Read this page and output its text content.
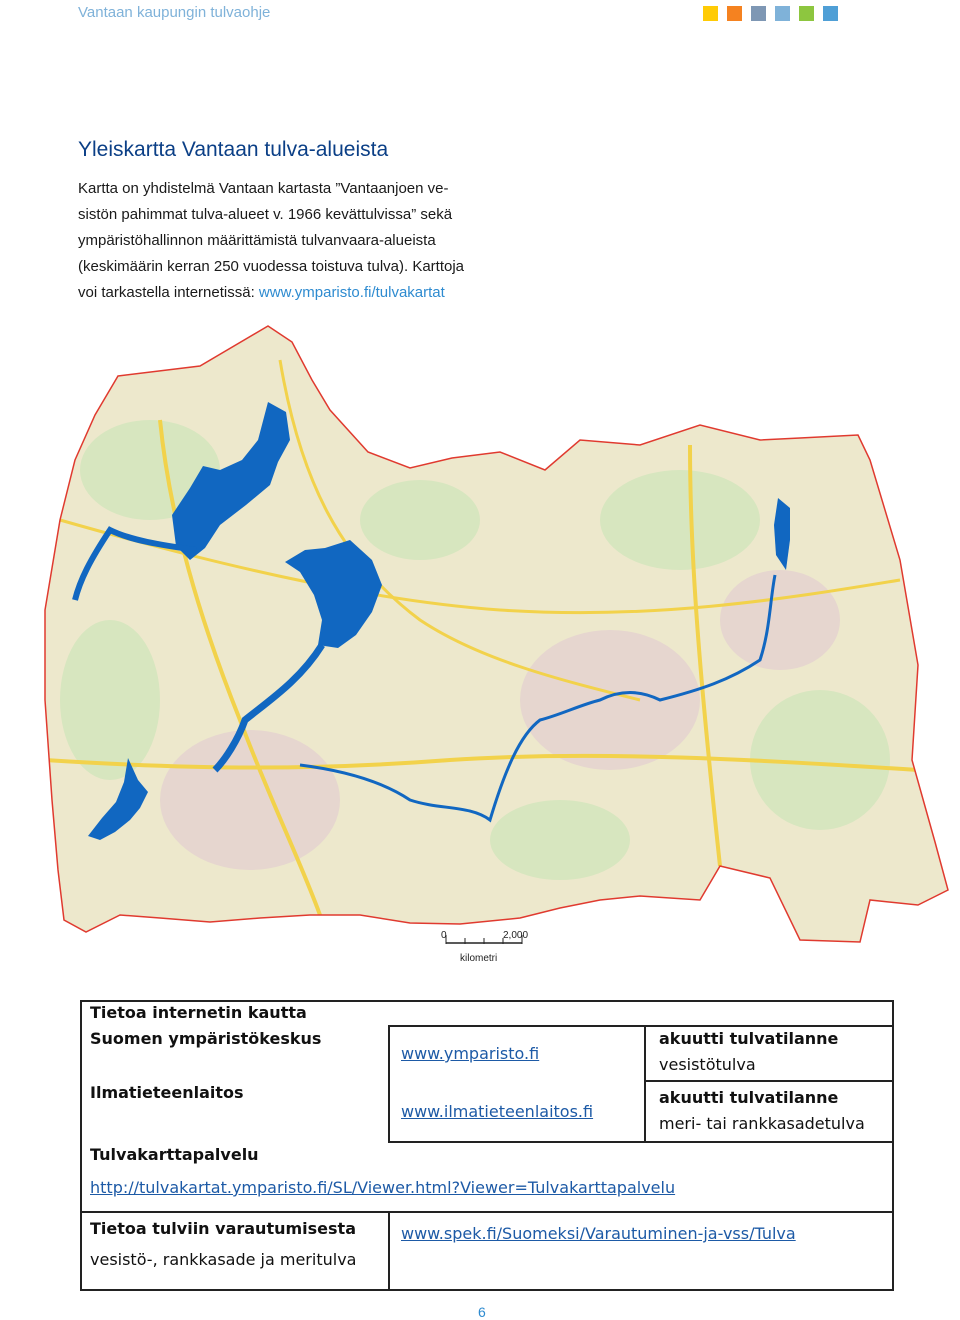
Vantaan kaupungin tulvaohje
Yleiskartta Vantaan tulva-alueista

Kartta on yhdistelmä Vantaan kartasta ”Vantaanjoen ve-
sistön pahimmat tulva-alueet v. 1966 kevättulvissa” sekä
ympäristöhallinnon määrittämistä tulvanvaara-alueista
(keskimäärin kerran 250 vuodessa toistuva tulva). Karttoja
voi tarkastella internetissä: www.ymparisto.fi/tulvakartat

0	2,000
kilometri
Tietoa internetin kautta
Suomen ympäristökeskus
www.ymparisto.fi
akuutti tulvatilanne
vesistötulva
Ilmatieteenlaitos
www.ilmatieteenlaitos.fi
akuutti tulvatilanne
meri- tai rankkasadetulva
Tulvakarttapalvelu
http://tulvakartat.ymparisto.fi/SL/Viewer.html?Viewer=Tulvakarttapalvelu
Tietoa tulviin varautumisesta
vesistö-, rankkasade ja meritulva
www.spek.fi/Suomeksi/Varautuminen-ja-vss/Tulva
6
